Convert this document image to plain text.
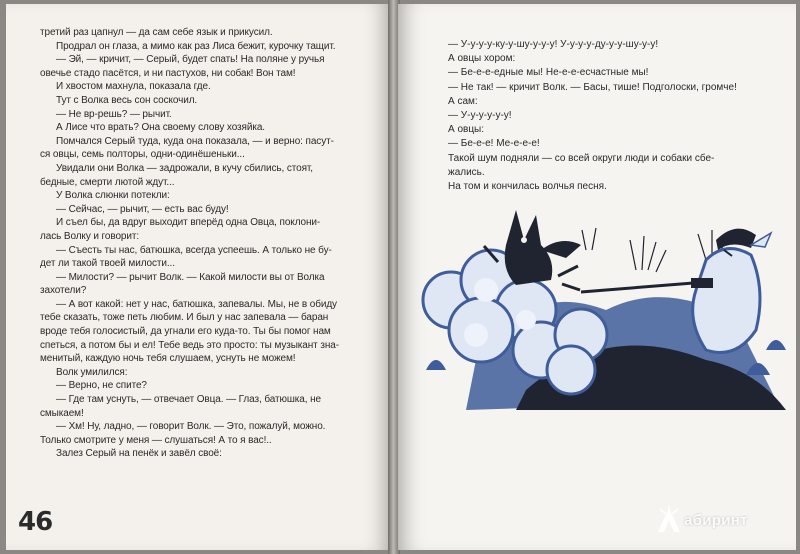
третий раз цапнул — да сам себе язык и прикусил.

Продрал он глаза, а мимо как раз Лиса бежит, курочку тащит.

— Эй, — кричит, — Серый, будет спать! На поляне у ручья

овечье стадо пасётся, и ни пастухов, ни собак! Вон там!

И хвостом махнула, показала где.

Тут с Волка весь сон соскочил.

— Не вр-решь? — рычит.

А Лисе что врать? Она своему слову хозяйка.

Помчался Серый туда, куда она показала, — и верно: пасут-

ся овцы, семь полторы, одни-одинёшеньки...

Увидали они Волка — задрожали, в кучу сбились, стоят,

бедные, смерти лютой ждут...

У Волка слюнки потекли:

— Сейчас, — рычит, — есть вас буду!

И съел бы, да вдруг выходит вперёд одна Овца, поклони-

лась Волку и говорит:

— Съесть ты нас, батюшка, всегда успеешь. А только не бу-

дет ли такой твоей милости...

— Милости? — рычит Волк. — Какой милости вы от Волка

захотели?

— А вот какой: нет у нас, батюшка, запевалы. Мы, не в обиду

тебе сказать, тоже петь любим. И был у нас запевала — баран

вроде тебя голосистый, да угнали его куда-то. Ты бы помог нам

спеться, а потом бы и ел! Тебе ведь это просто: ты музыкант зна-

менитый, каждую ночь тебя слушаем, уснуть не можем!

Волк умилился:

— Верно, не спите?

— Где там уснуть, — отвечает Овца. — Глаз, батюшка, не

смыкаем!

— Хм! Ну, ладно, — говорит Волк. — Это, пожалуй, можно.

Только смотрите у меня — слушаться! А то я вас!..

Залез Серый на пенёк и завёл своё:

46

— У-у-у-у-ку-у-шу-у-у-у! У-у-у-у-ду-у-у-шу-у-у!

А овцы хором:

— Бе-е-е-едные мы! Не-е-е-есчастные мы!

— Не так! — кричит Волк. — Басы, тише! Подголоски, громче!

А сам:

— У-у-у-у-у-у!

А овцы:

— Бе-е-е! Ме-е-е-е!

Такой шум подняли — со всей округи люди и собаки сбе-

жались.

На том и кончилась волчья песня.

абиринт
